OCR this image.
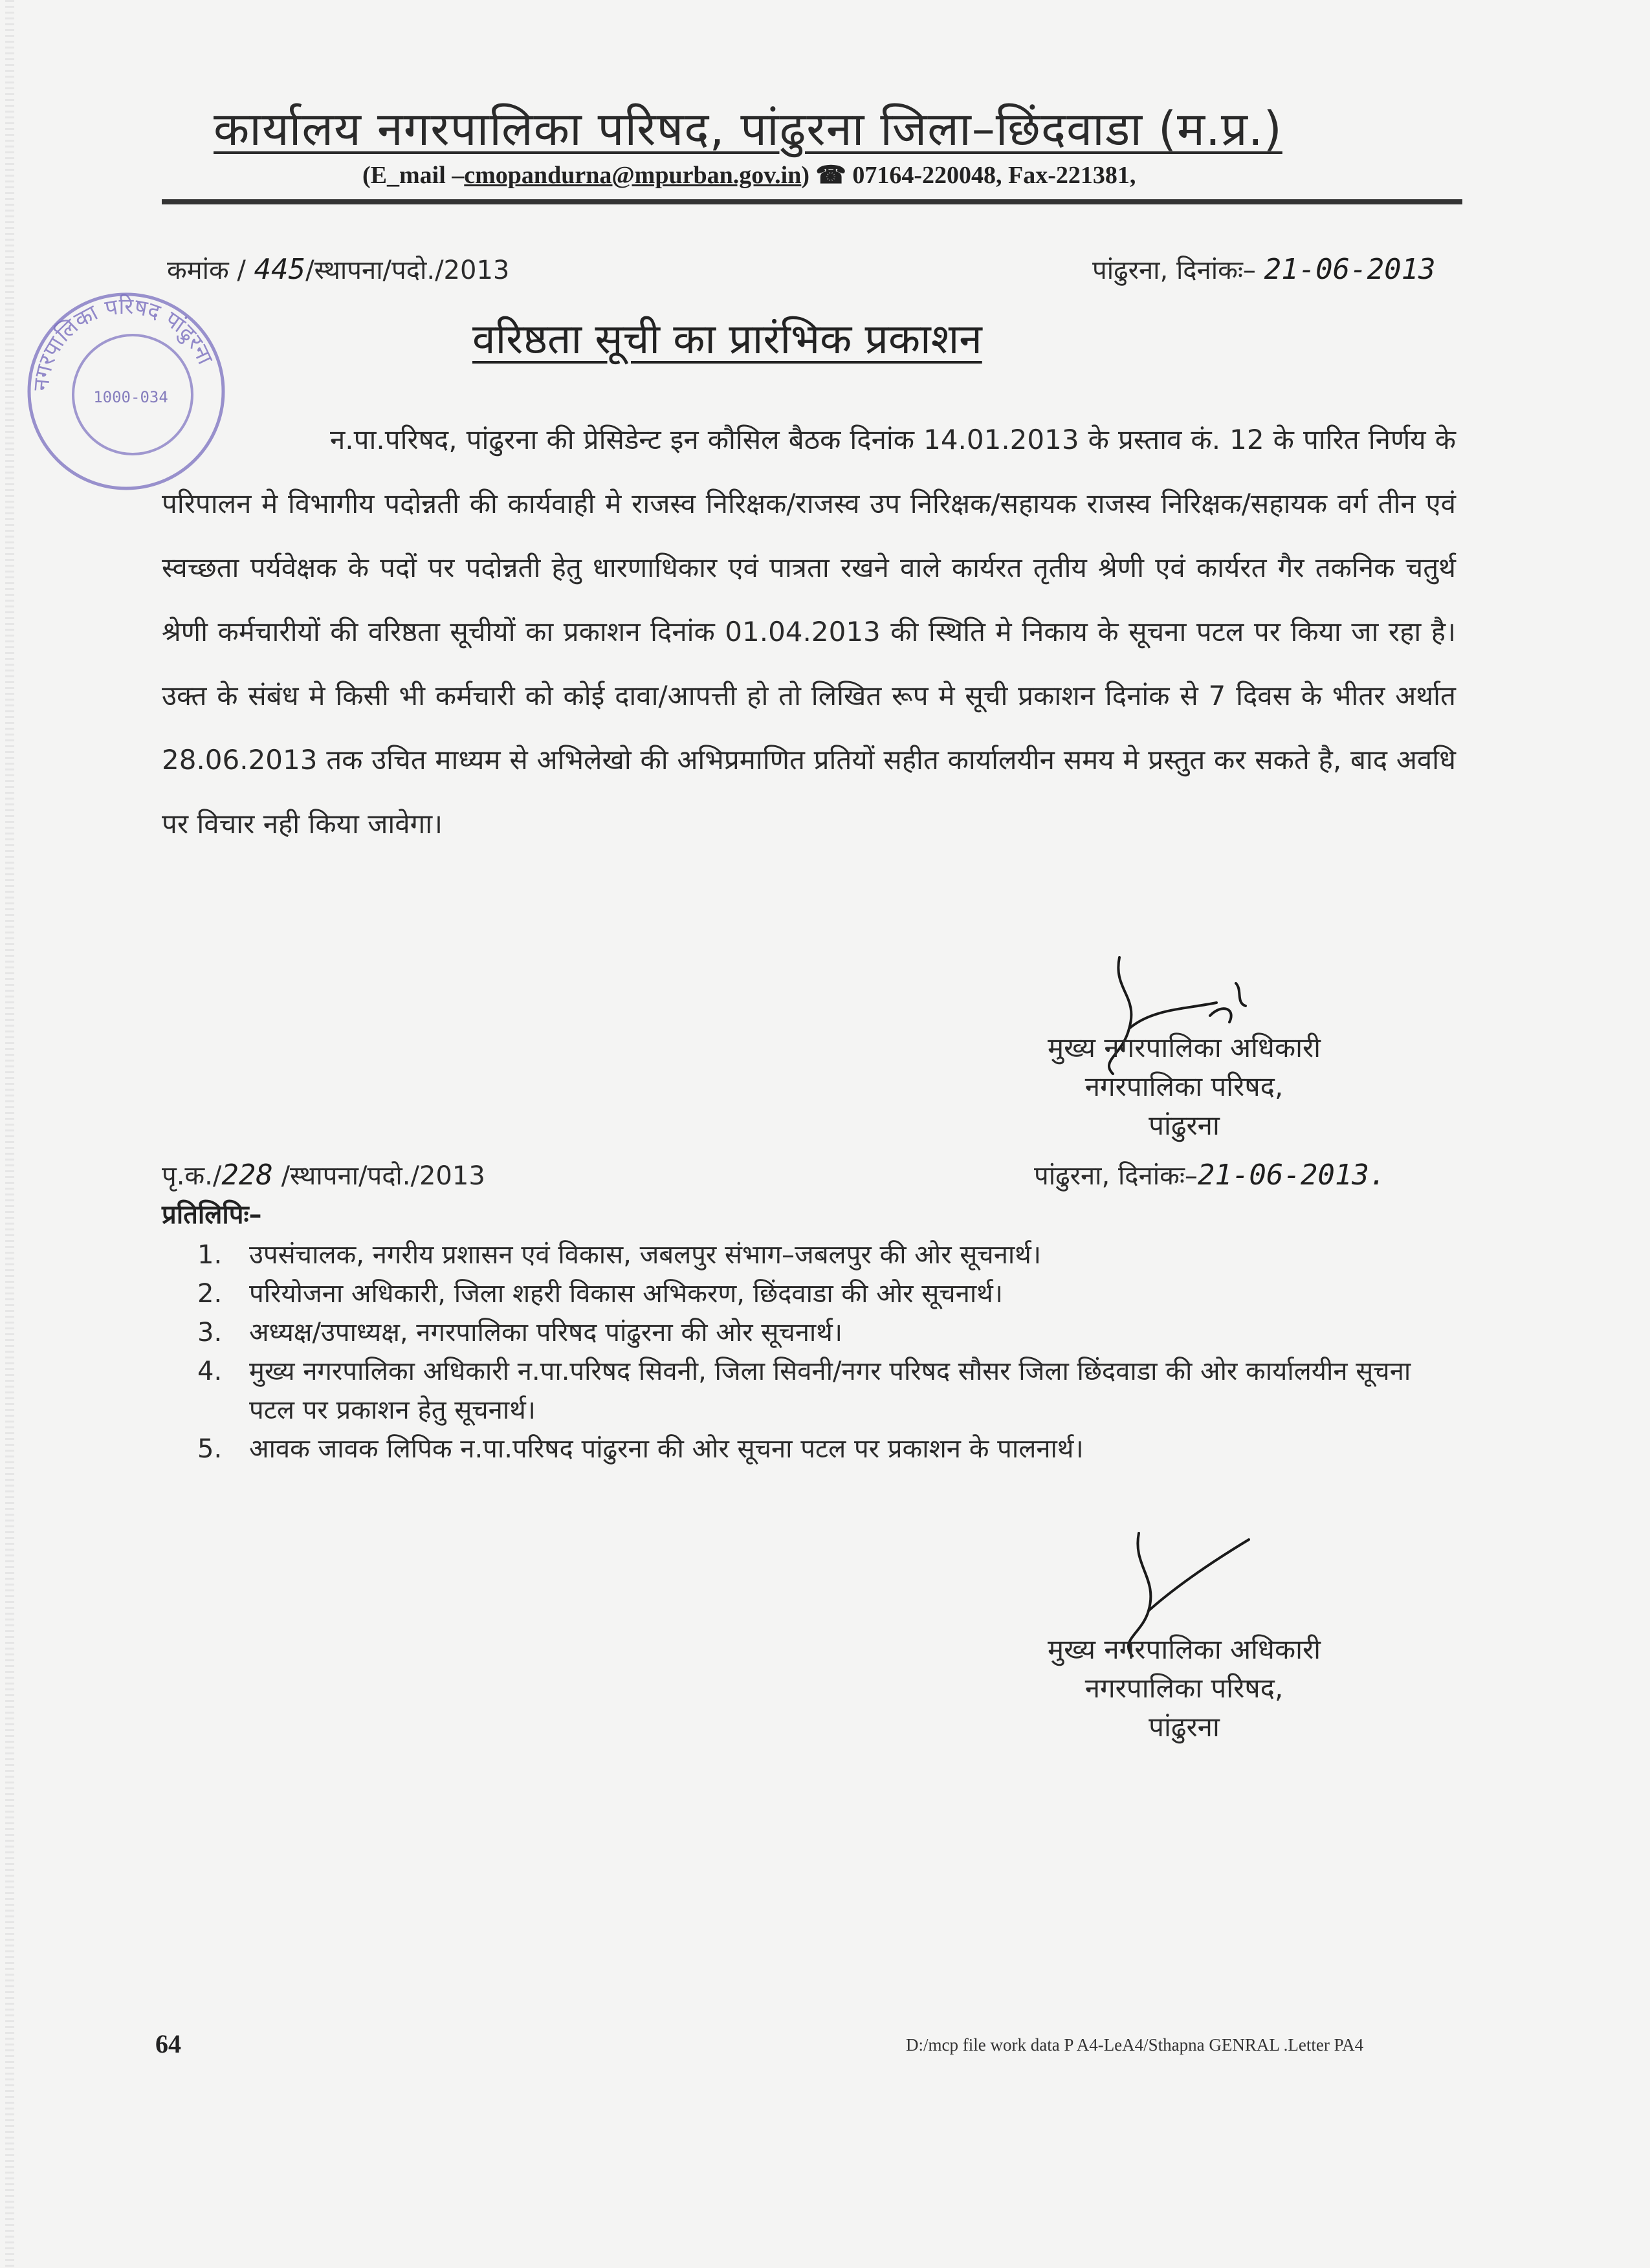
कार्यालय नगरपालिका परिषद, पांढुरना जिला–छिंदवाडा (म.प्र.)
(E_mail –cmopandurna@mpurban.gov.in) ☎ 07164-220048, Fax-221381,
नगरपालिका परिषद पांढुरना
1000-034
कमांक / 445/स्थापना/पदो./2013	पांढुरना, दिनांकः– 21-06-2013
वरिष्ठता सूची का प्रारंभिक प्रकाशन
न.पा.परिषद, पांढुरना की प्रेसिडेन्ट इन कौसिल बैठक दिनांक 14.01.2013 के प्रस्ताव कं. 12 के पारित निर्णय के परिपालन मे विभागीय पदोन्नती की कार्यवाही मे राजस्व निरिक्षक/राजस्व उप निरिक्षक/सहायक राजस्व निरिक्षक/सहायक वर्ग तीन एवं स्वच्छता पर्यवेक्षक के पदों पर पदोन्नती हेतु धारणाधिकार एवं पात्रता रखने वाले कार्यरत तृतीय श्रेणी एवं कार्यरत गैर तकनिक चतुर्थ श्रेणी कर्मचारीयों की वरिष्ठता सूचीयों का प्रकाशन दिनांक 01.04.2013 की स्थिति मे निकाय के सूचना पटल पर किया जा रहा है। उक्त के संबंध मे किसी भी कर्मचारी को कोई दावा/आपत्ती हो तो लिखित रूप मे सूची प्रकाशन दिनांक से 7 दिवस के भीतर अर्थात 28.06.2013 तक उचित माध्यम से अभिलेखो की अभिप्रमाणित प्रतियों सहीत कार्यालयीन समय मे प्रस्तुत कर सकते है, बाद अवधि पर विचार नही किया जावेगा।
मुख्य नगरपालिका अधिकारी
नगरपालिका परिषद,
पांढुरना
पृ.क./228 /स्थापना/पदो./2013	पांढुरना, दिनांकः–21-06-2013.
प्रतिलिपिः–
1.	उपसंचालक, नगरीय प्रशासन एवं विकास, जबलपुर संभाग–जबलपुर की ओर सूचनार्थ।
2.	परियोजना अधिकारी, जिला शहरी विकास अभिकरण, छिंदवाडा की ओर सूचनार्थ।
3.	अध्यक्ष/उपाध्यक्ष, नगरपालिका परिषद पांढुरना की ओर सूचनार्थ।
4.	मुख्य नगरपालिका अधिकारी न.पा.परिषद सिवनी, जिला सिवनी/नगर परिषद सौसर जिला छिंदवाडा की ओर कार्यालयीन सूचना पटल पर प्रकाशन हेतु सूचनार्थ।
5.	आवक जावक लिपिक न.पा.परिषद पांढुरना की ओर सूचना पटल पर प्रकाशन के पालनार्थ।
मुख्य नगरपालिका अधिकारी
नगरपालिका परिषद,
पांढुरना
64	D:/mcp file work data P A4-LeA4/Sthapna GENRAL .Letter PA4
